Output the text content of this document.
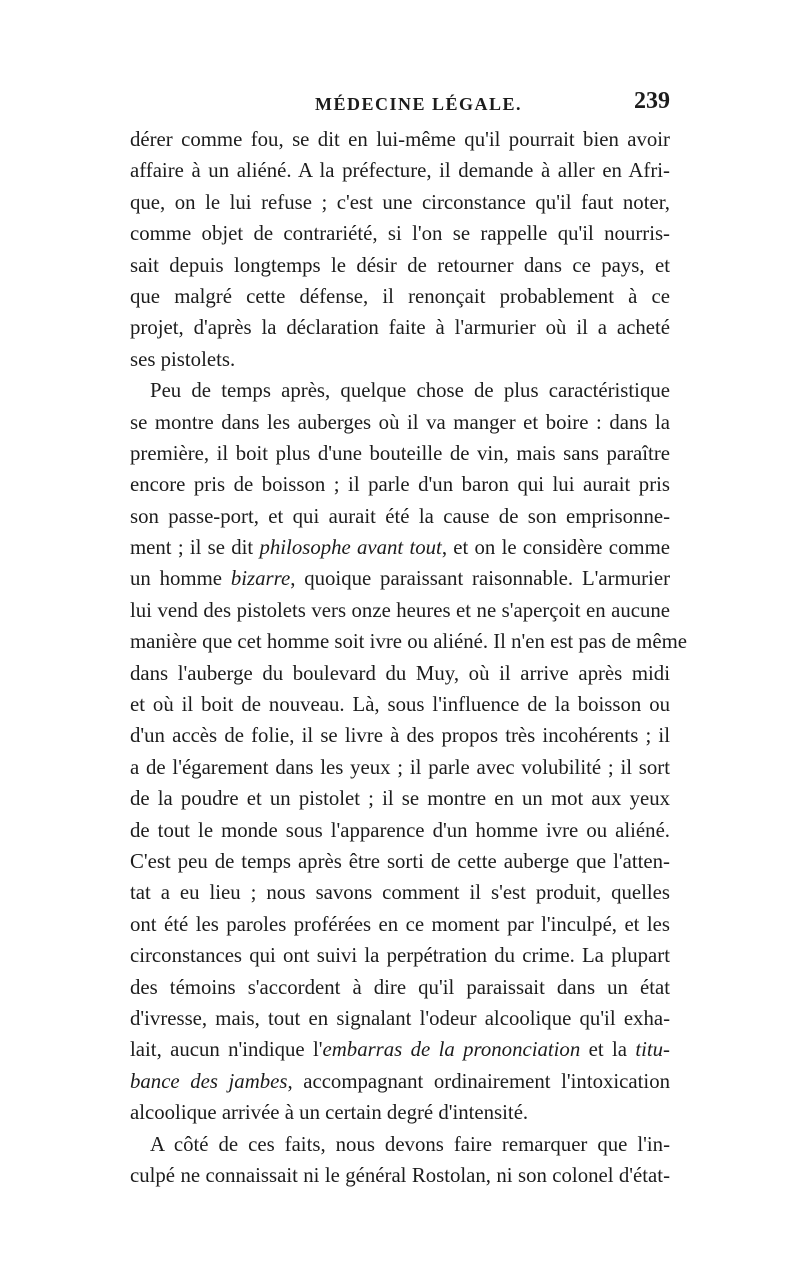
MÉDECINE LÉGALE.	239
dérer comme fou, se dit en lui-même qu'il pourrait bien avoir
affaire à un aliéné. A la préfecture, il demande à aller en Afri-
que, on le lui refuse ; c'est une circonstance qu'il faut noter,
comme objet de contrariété, si l'on se rappelle qu'il nourris-
sait depuis longtemps le désir de retourner dans ce pays, et
que malgré cette défense, il renonçait probablement à ce
projet, d'après la déclaration faite à l'armurier où il a acheté
ses pistolets.
Peu de temps après, quelque chose de plus caractéristique
se montre dans les auberges où il va manger et boire : dans la
première, il boit plus d'une bouteille de vin, mais sans paraître
encore pris de boisson ; il parle d'un baron qui lui aurait pris
son passe-port, et qui aurait été la cause de son emprisonne-
ment ; il se dit philosophe avant tout, et on le considère comme
un homme bizarre, quoique paraissant raisonnable. L'armurier
lui vend des pistolets vers onze heures et ne s'aperçoit en aucune
manière que cet homme soit ivre ou aliéné. Il n'en est pas de même
dans l'auberge du boulevard du Muy, où il arrive après midi
et où il boit de nouveau. Là, sous l'influence de la boisson ou
d'un accès de folie, il se livre à des propos très incohérents ; il
a de l'égarement dans les yeux ; il parle avec volubilité ; il sort
de la poudre et un pistolet ; il se montre en un mot aux yeux
de tout le monde sous l'apparence d'un homme ivre ou aliéné.
C'est peu de temps après être sorti de cette auberge que l'atten-
tat a eu lieu ; nous savons comment il s'est produit, quelles
ont été les paroles proférées en ce moment par l'inculpé, et les
circonstances qui ont suivi la perpétration du crime. La plupart
des témoins s'accordent à dire qu'il paraissait dans un état
d'ivresse, mais, tout en signalant l'odeur alcoolique qu'il exha-
lait, aucun n'indique l'embarras de la prononciation et la titu-
bance des jambes, accompagnant ordinairement l'intoxication
alcoolique arrivée à un certain degré d'intensité.
A côté de ces faits, nous devons faire remarquer que l'in-
culpé ne connaissait ni le général Rostolan, ni son colonel d'état-
